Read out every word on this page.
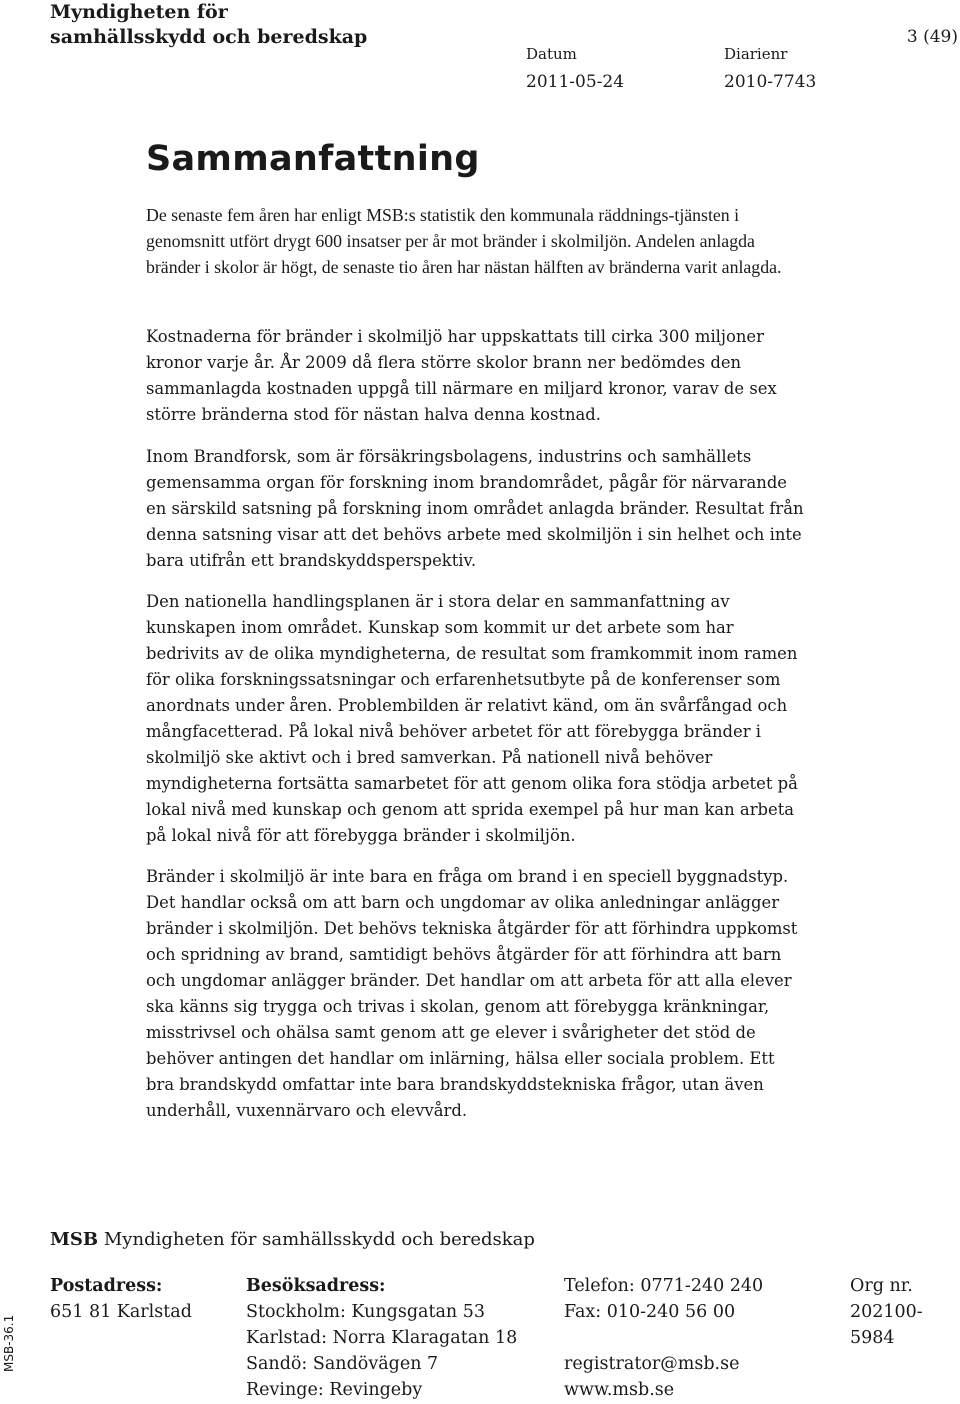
Myndigheten för
samhällsskydd och beredskap	3 (49)
Datum
2011-05-24
Diarienr
2010-7743
Sammanfattning

De senaste fem åren har enligt MSB:s statistik den kommunala räddnings-tjänsten i genomsnitt utfört drygt 600 insatser per år mot bränder i skolmiljön. Andelen anlagda bränder i skolor är högt, de senaste tio åren har nästan hälften av bränderna varit anlagda.

Kostnaderna för bränder i skolmiljö har uppskattats till cirka 300 miljoner kronor varje år. År 2009 då flera större skolor brann ner bedömdes den sammanlagda kostnaden uppgå till närmare en miljard kronor, varav de sex större bränderna stod för nästan halva denna kostnad.

Inom Brandforsk, som är försäkringsbolagens, industrins och samhällets gemensamma organ för forskning inom brandområdet, pågår för närvarande en särskild satsning på forskning inom området anlagda bränder. Resultat från denna satsning visar att det behövs arbete med skolmiljön i sin helhet och inte bara utifrån ett brandskyddsperspektiv.

Den nationella handlingsplanen är i stora delar en sammanfattning av kunskapen inom området. Kunskap som kommit ur det arbete som har bedrivits av de olika myndigheterna, de resultat som framkommit inom ramen för olika forskningssatsningar och erfarenhetsutbyte på de konferenser som anordnats under åren. Problembilden är relativt känd, om än svårfångad och mångfacetterad. På lokal nivå behöver arbetet för att förebygga bränder i skolmiljö ske aktivt och i bred samverkan. På nationell nivå behöver myndigheterna fortsätta samarbetet för att genom olika fora stödja arbetet på lokal nivå med kunskap och genom att sprida exempel på hur man kan arbeta på lokal nivå för att förebygga bränder i skolmiljön.

Bränder i skolmiljö är inte bara en fråga om brand i en speciell byggnadstyp. Det handlar också om att barn och ungdomar av olika anledningar anlägger bränder i skolmiljön. Det behövs tekniska åtgärder för att förhindra uppkomst och spridning av brand, samtidigt behövs åtgärder för att förhindra att barn och ungdomar anlägger bränder. Det handlar om att arbeta för att alla elever ska känns sig trygga och trivas i skolan, genom att förebygga kränkningar, misstrivsel och ohälsa samt genom att ge elever i svårigheter det stöd de behöver antingen det handlar om inlärning, hälsa eller sociala problem. Ett bra brandskydd omfattar inte bara brandskyddstekniska frågor, utan även underhåll, vuxennärvaro och elevvård.

MSB Myndigheten för samhällsskydd och beredskap
Postadress:
651 81 Karlstad
Besöksadress:
Stockholm: Kungsgatan 53
Karlstad: Norra Klaragatan 18
Sandö: Sandövägen 7
Revinge: Revingeby
Telefon: 0771-240 240
Fax: 010-240 56 00

registrator@msb.se
www.msb.se
Org nr.
202100-
5984
MSB-36.1
